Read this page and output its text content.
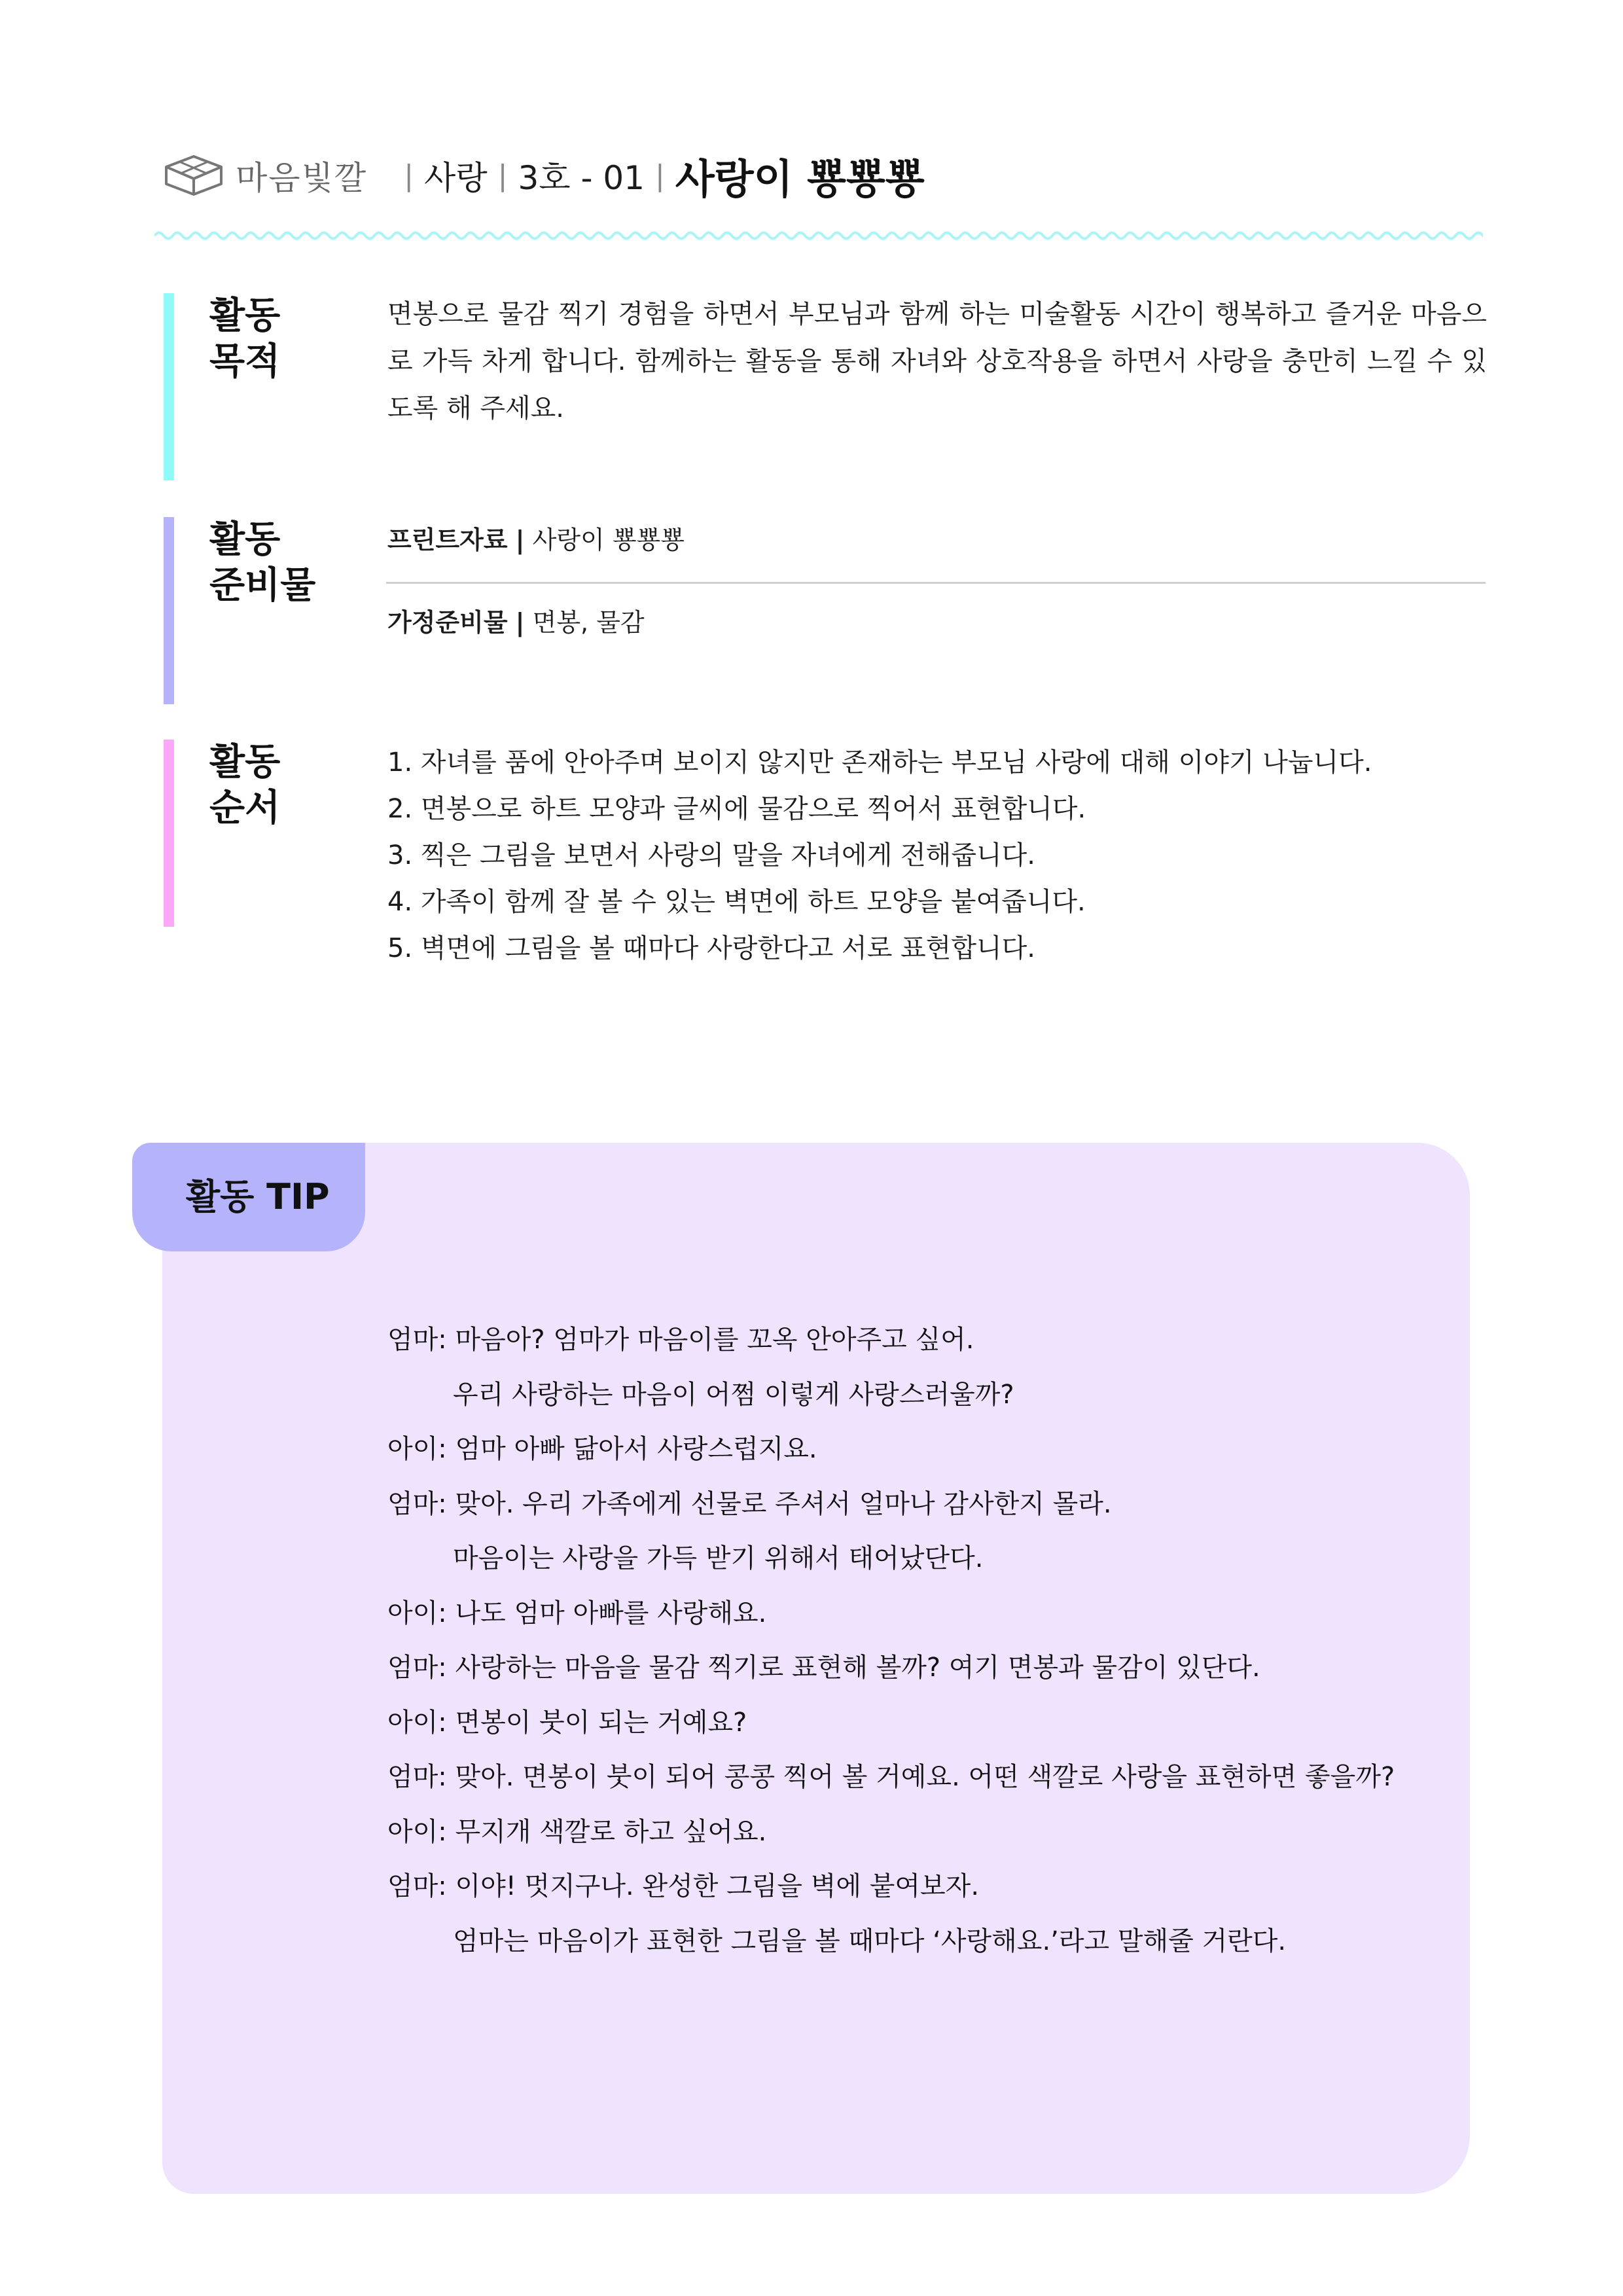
마음빛깔 | 사랑 | 3호 - 01 | 사랑이 뿅뿅뿅
활동
목적
면봉으로 물감 찍기 경험을 하면서 부모님과 함께 하는 미술활동 시간이 행복하고 즐거운 마음으로 가득 차게 합니다. 함께하는 활동을 통해 자녀와 상호작용을 하면서 사랑을 충만히 느낄 수 있도록 해 주세요.
활동
준비물
프린트자료 | 사랑이 뿅뿅뿅
가정준비물 | 면봉, 물감
활동
순서
1. 자녀를 품에 안아주며 보이지 않지만 존재하는 부모님 사랑에 대해 이야기 나눕니다.
2. 면봉으로 하트 모양과 글씨에 물감으로 찍어서 표현합니다.
3. 찍은 그림을 보면서 사랑의 말을 자녀에게 전해줍니다.
4. 가족이 함께 잘 볼 수 있는 벽면에 하트 모양을 붙여줍니다.
5. 벽면에 그림을 볼 때마다 사랑한다고 서로 표현합니다.
활동 TIP
엄마: 마음아? 엄마가 마음이를 꼬옥 안아주고 싶어.
우리 사랑하는 마음이 어쩜 이렇게 사랑스러울까?
아이: 엄마 아빠 닮아서 사랑스럽지요.
엄마: 맞아. 우리 가족에게 선물로 주셔서 얼마나 감사한지 몰라.
마음이는 사랑을 가득 받기 위해서 태어났단다.
아이: 나도 엄마 아빠를 사랑해요.
엄마: 사랑하는 마음을 물감 찍기로 표현해 볼까? 여기 면봉과 물감이 있단다.
아이: 면봉이 붓이 되는 거예요?
엄마: 맞아. 면봉이 붓이 되어 콩콩 찍어 볼 거예요. 어떤 색깔로 사랑을 표현하면 좋을까?
아이: 무지개 색깔로 하고 싶어요.
엄마: 이야! 멋지구나. 완성한 그림을 벽에 붙여보자.
엄마는 마음이가 표현한 그림을 볼 때마다 ‘사랑해요.’라고 말해줄 거란다.
